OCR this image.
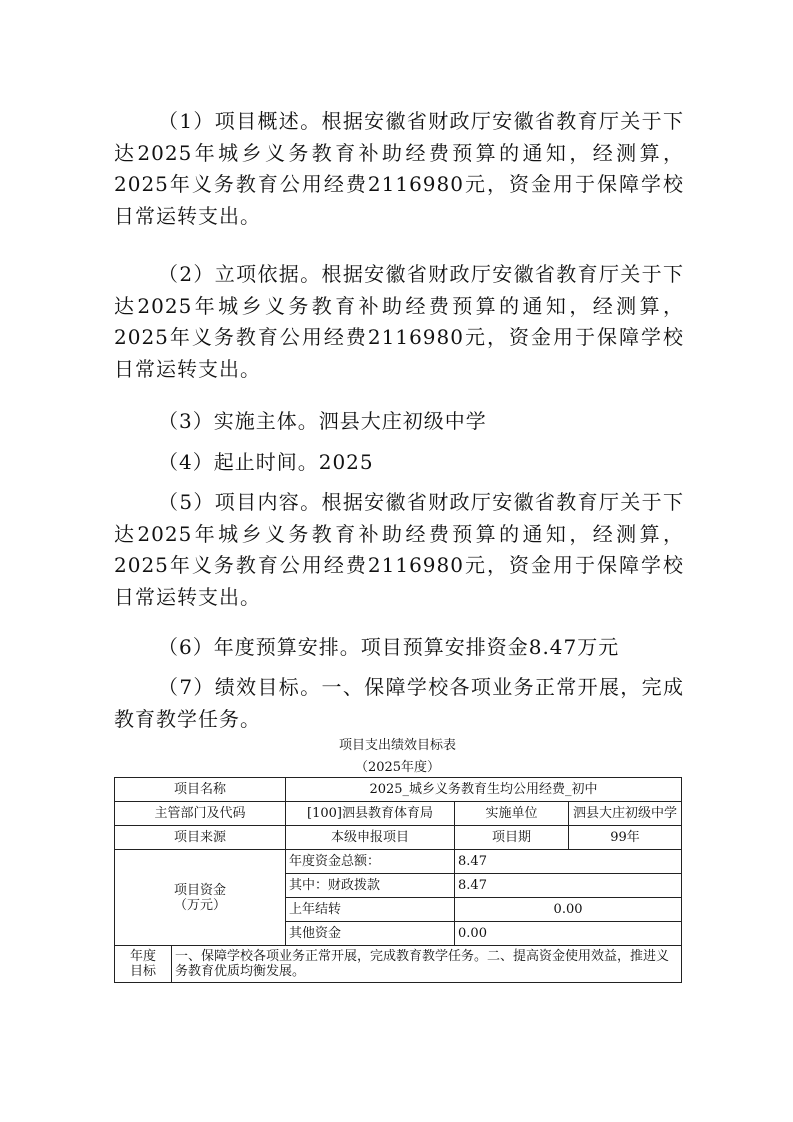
（1）项目概述。根据安徽省财政厅安徽省教育厅关于下达2025年城乡义务教育补助经费预算的通知，经测算，2025年义务教育公用经费2116980元，资金用于保障学校日常运转支出。

（2）立项依据。根据安徽省财政厅安徽省教育厅关于下达2025年城乡义务教育补助经费预算的通知，经测算，2025年义务教育公用经费2116980元，资金用于保障学校日常运转支出。

（3）实施主体。泗县大庄初级中学

（4）起止时间。2025

（5）项目内容。根据安徽省财政厅安徽省教育厅关于下达2025年城乡义务教育补助经费预算的通知，经测算，2025年义务教育公用经费2116980元，资金用于保障学校日常运转支出。

（6）年度预算安排。项目预算安排资金8.47万元

（7）绩效目标。一、保障学校各项业务正常开展，完成教育教学任务。

项目支出绩效目标表

（2025年度）

项目名称		2025_城乡义务教育生均公用经费_初中		
主管部门及代码		[100]泗县教育体育局	实施单位	泗县大庄初级中学
项目来源		本级申报项目	项目期	99年
项目资金
（万元）		年度资金总额：	8.47	
		其中：财政拨款	8.47	
		上年结转	0.00	
		其他资金	0.00	
年度
目标	一、保障学校各项业务正常开展，完成教育教学任务。二、提高资金使用效益，推进义务教育优质均衡发展。			
